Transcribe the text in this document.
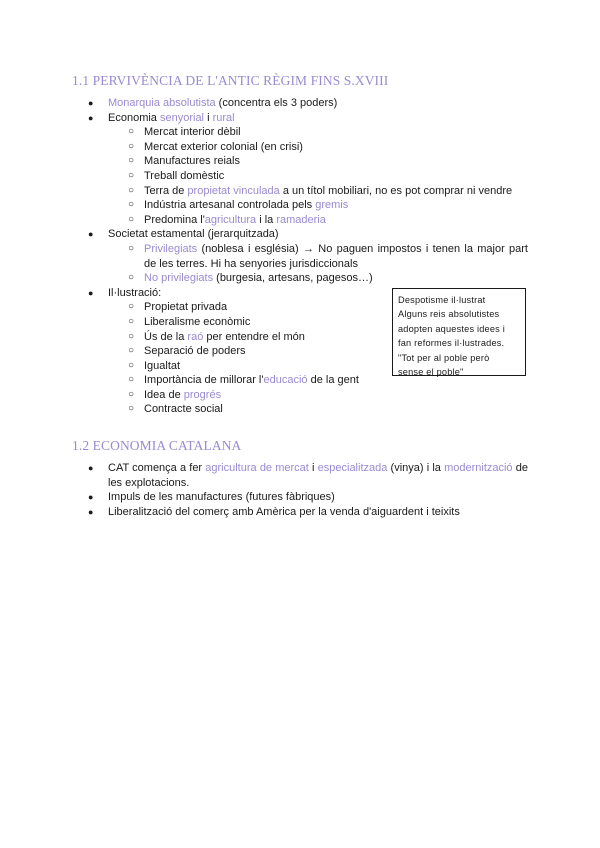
1.1 PERVIVÈNCIA DE L'ANTIC RÈGIM FINS S.XVIII
● Monarquia absolutista (concentra els 3 poders)
● Economia senyorial i rural
○ Mercat interior dèbil
○ Mercat exterior colonial (en crisi)
○ Manufactures reials
○ Treball domèstic
○ Terra de propietat vinculada a un títol mobiliari, no es pot comprar ni vendre
○ Indústria artesanal controlada pels gremis
○ Predomina l'agricultura i la ramaderia
● Societat estamental (jerarquitzada)
○ Privilegiats (noblesa i església) → No paguen impostos i tenen la major part de les terres. Hi ha senyories jurisdiccionals
○ No privilegiats (burgesia, artesans, pagesos…)
● Il·lustració:
○ Propietat privada
○ Liberalisme econòmic
○ Ús de la raó per entendre el món
○ Separació de poders
○ Igualtat
○ Importància de millorar l'educació de la gent
○ Idea de progrés
○ Contracte social
Despotisme il·lustrat
Alguns reis absolutistes
adopten aquestes idees i
fan reformes il·lustrades.
"Tot per al poble però
sense el poble"
1.2 ECONOMIA CATALANA
● CAT comença a fer agricultura de mercat i especialitzada (vinya) i la modernització de les explotacions.
● Impuls de les manufactures (futures fàbriques)
● Liberalització del comerç amb Amèrica per la venda d'aiguardent i teixits
